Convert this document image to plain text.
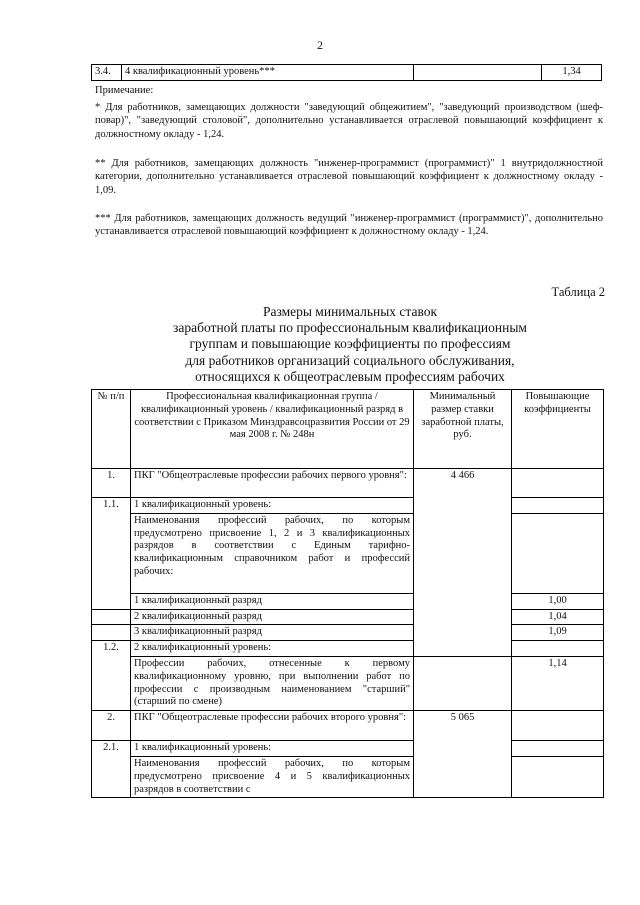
2
3.4.	4 квалификационный уровень***		1,34
Примечание:
* Для работников, замещающих должности "заведующий общежитием", "заведующий производством (шеф-повар)", "заведующий столовой", дополнительно устанавливается отраслевой повышающий коэффициент к должностному окладу - 1,24.
** Для работников, замещающих должность "инженер-программист (программист)" 1 внутридолжностной категории, дополнительно устанавливается отраслевой повышающий коэффициент к должностному окладу - 1,09.
*** Для работников, замещающих должность ведущий "инженер-программист (программист)", дополнительно устанавливается отраслевой повышающий коэффициент к должностному окладу - 1,24.
Таблица 2
Размеры минимальных ставок
заработной платы по профессиональным квалификационным
группам и повышающие коэффициенты по профессиям
для работников организаций социального обслуживания,
относящихся к общеотраслевым профессиям рабочих
№ п/п	Профессиональная квалификационная группа / квалификационный уровень / квалификационный разряд в соответствии с Приказом Минздравсоцразвития России от 29 мая 2008 г. № 248н	Минимальный размер ставки заработной платы, руб.	Повышающие коэффициенты
1.	ПКГ "Общеотраслевые профессии рабочих первого уровня":	4 466	

1.1.	1 квалификационный уровень:		
	Наименования профессий рабочих, по которым предусмотрено присвоение 1, 2 и 3 квалификационных разрядов в соответствии с Единым тарифно-квалификационным справочником работ и профессий рабочих:		
	1 квалификационный разряд		1,00
	2 квалификационный разряд		1,04
	3 квалификационный разряд		1,09
1.2.	2 квалификационный уровень:		
	Профессии рабочих, отнесенные к первому квалификационному уровню, при выполнении работ по профессии с производным наименованием "старший" (старший по смене)		1,14
2.	ПКГ "Общеотраслевые профессии рабочих второго уровня":	5 065	

2.1.	1 квалификационный уровень:		
	Наименования профессий рабочих, по которым предусмотрено присвоение 4 и 5 квалификационных разрядов в соответствии с		
